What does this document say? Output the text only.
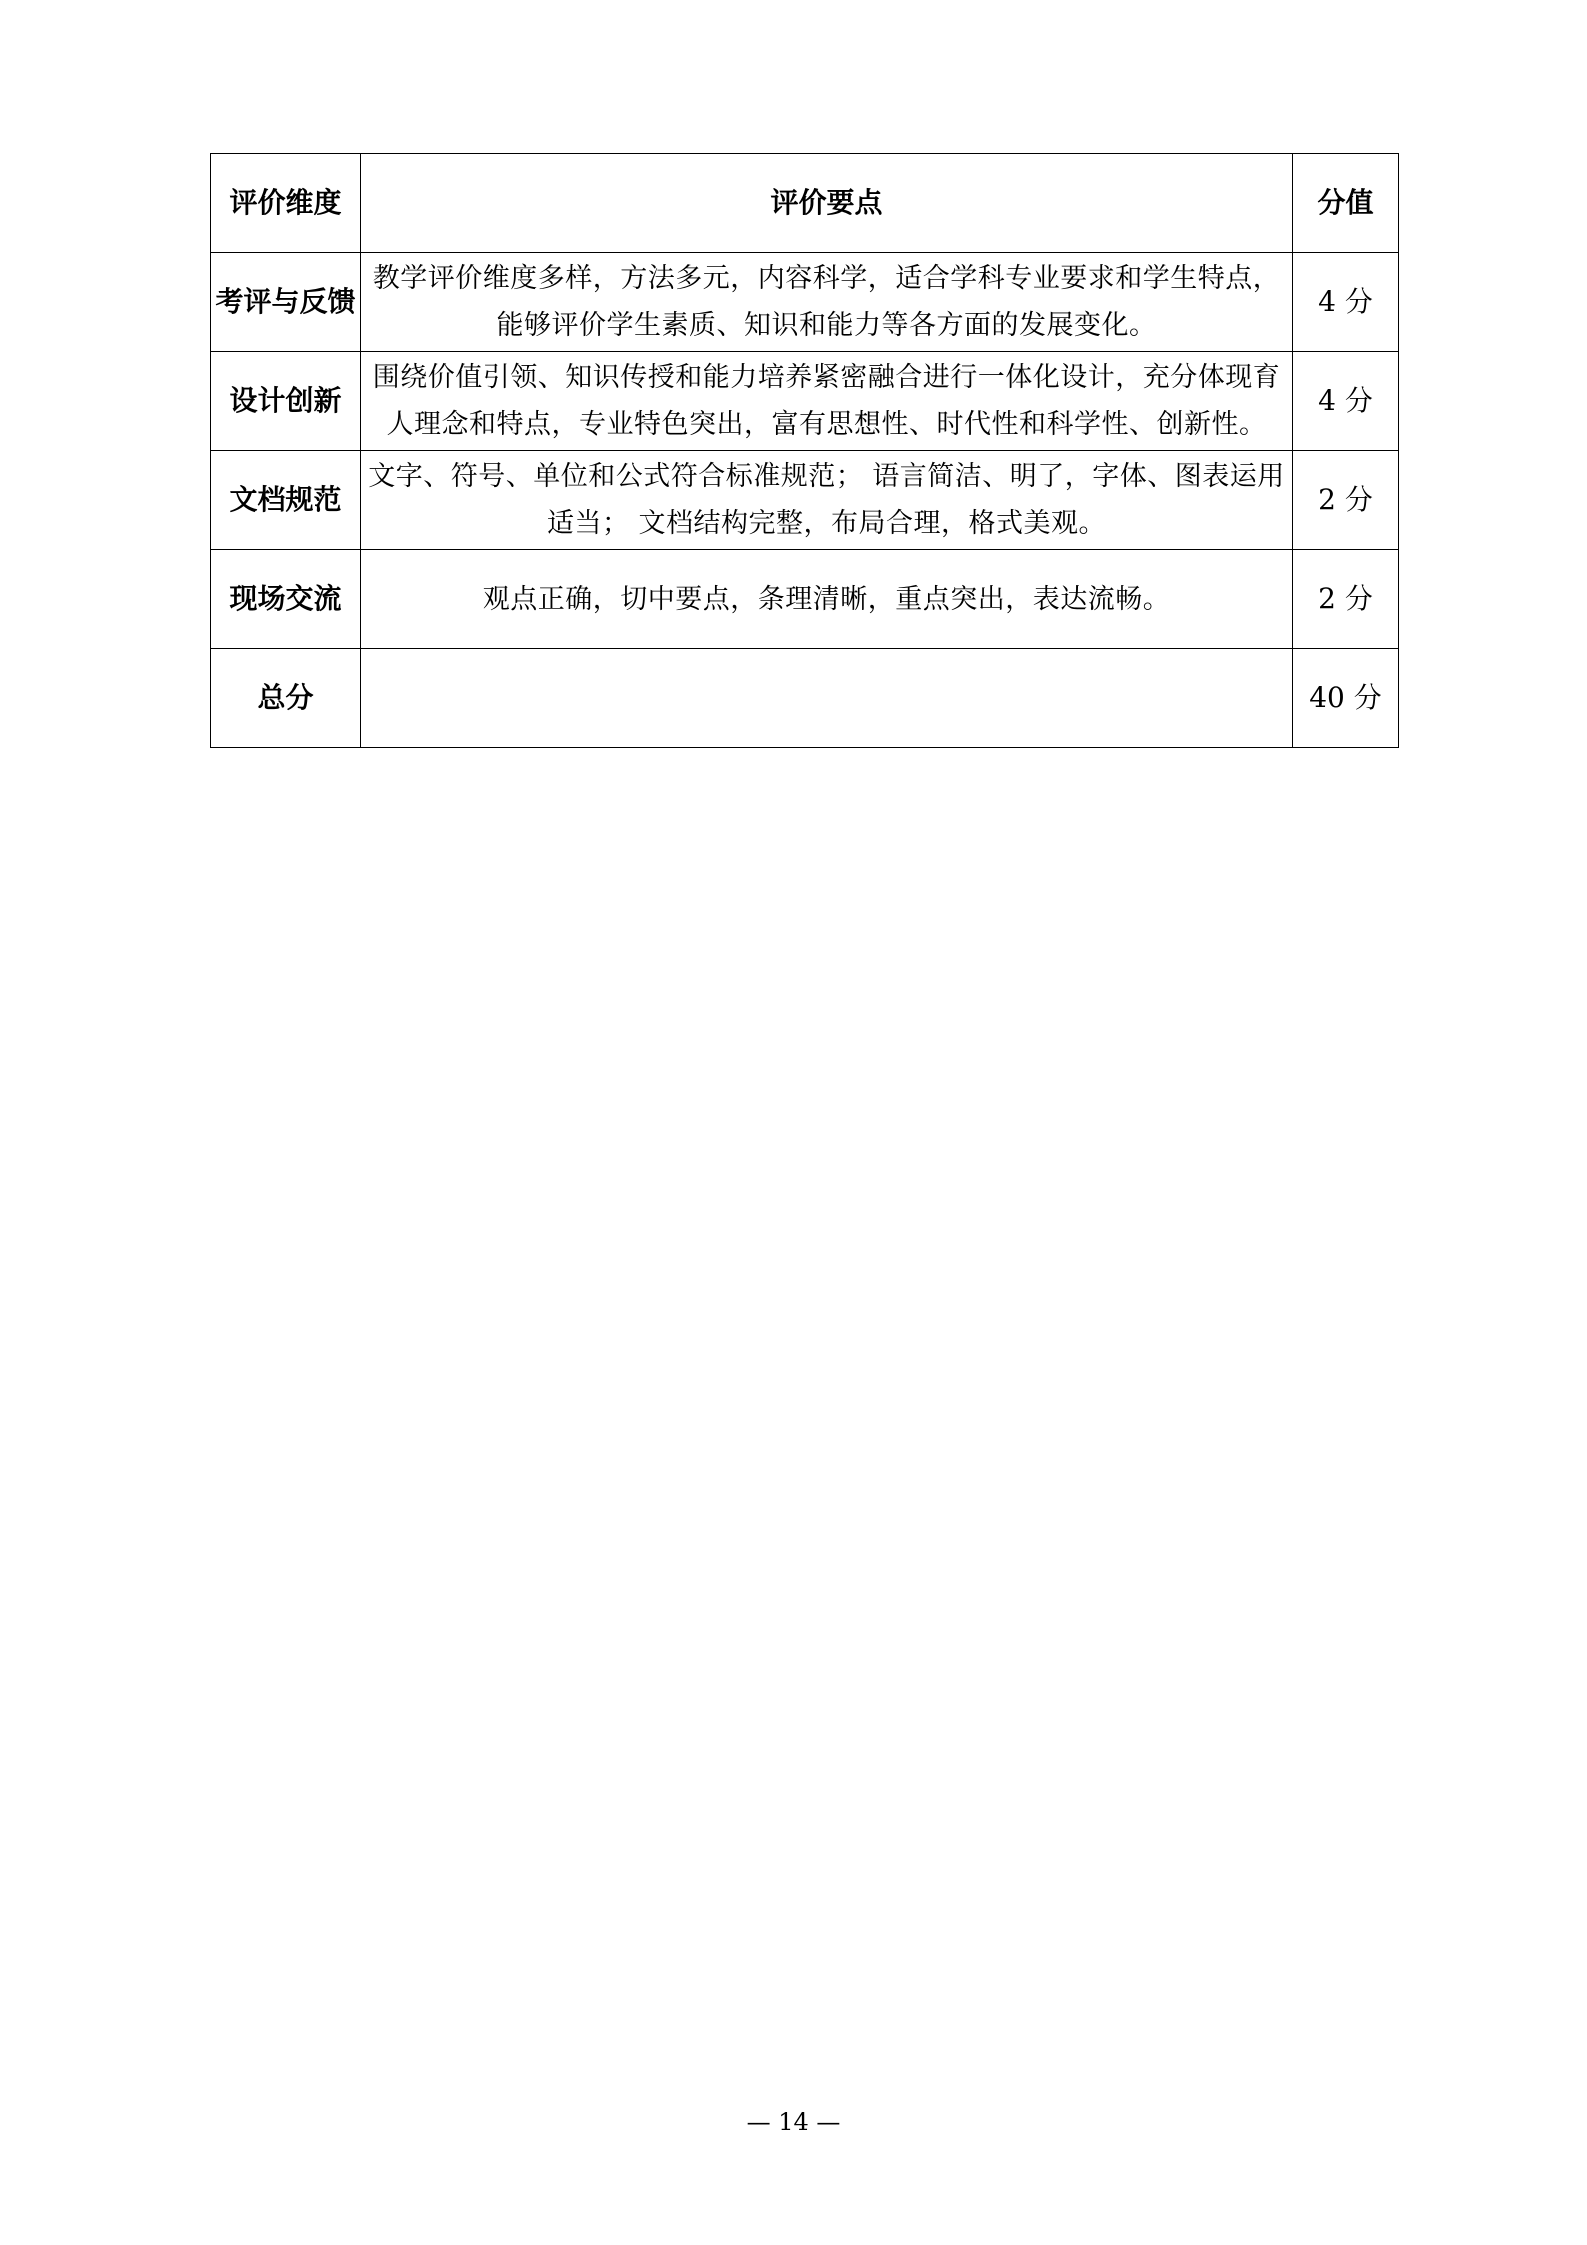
评价维度	评价要点	分值
考评与反馈	教学评价维度多样，方法多元，内容科学，适合学科专业要求和学生特点，能够评价学生素质、知识和能力等各方面的发展变化。	4 分
设计创新	围绕价值引领、知识传授和能力培养紧密融合进行一体化设计，充分体现育人理念和特点，专业特色突出，富有思想性、时代性和科学性、创新性。	4 分
文档规范	文字、符号、单位和公式符合标准规范； 语言简洁、明了，字体、图表运用适当； 文档结构完整，布局合理，格式美观。	2 分
现场交流	观点正确，切中要点，条理清晰，重点突出，表达流畅。	2 分
总分		40 分
— 14 —
